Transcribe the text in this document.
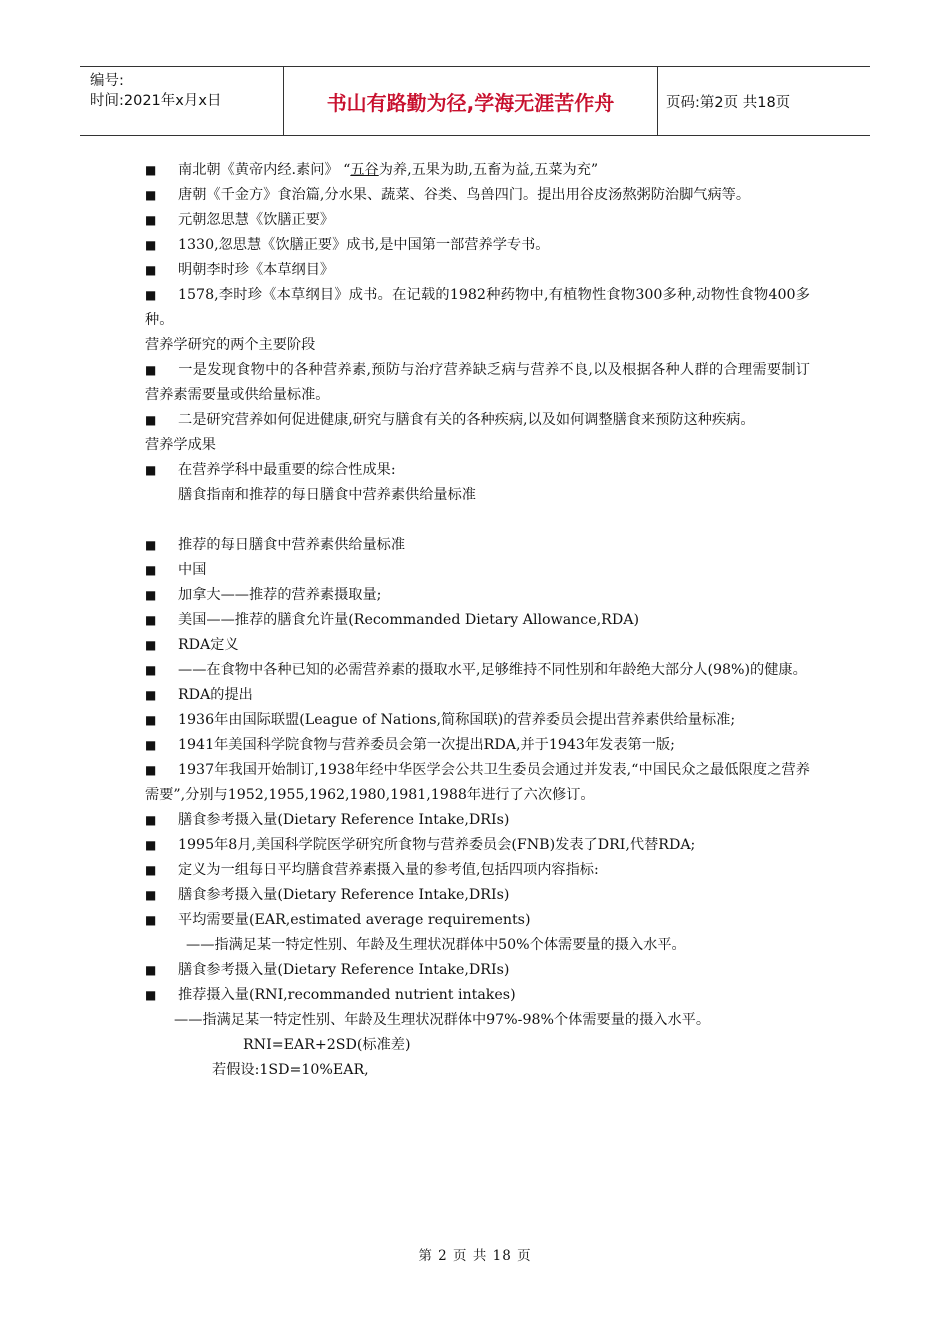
编号:
时间:2021年x月x日	书山有路勤为径,学海无涯苦作舟	页码:第2页 共18页
■ 南北朝《黄帝内经.素问》 “五谷为养,五果为助,五畜为益,五菜为充”
■ 唐朝《千金方》食治篇,分水果、蔬菜、谷类、鸟兽四门。提出用谷皮汤熬粥防治脚气病等。
■ 元朝忽思慧《饮膳正要》
■ 1330,忽思慧《饮膳正要》成书,是中国第一部营养学专书。
■ 明朝李时珍《本草纲目》
■ 1578,李时珍《本草纲目》成书。在记载的1982种药物中,有植物性食物300多种,动物性食物400多种。
营养学研究的两个主要阶段
■ 一是发现食物中的各种营养素,预防与治疗营养缺乏病与营养不良,以及根据各种人群的合理需要制订营养素需要量或供给量标准。
■ 二是研究营养如何促进健康,研究与膳食有关的各种疾病,以及如何调整膳食来预防这种疾病。
营养学成果
■ 在营养学科中最重要的综合性成果:
膳食指南和推荐的每日膳食中营养素供给量标准
■ 推荐的每日膳食中营养素供给量标准
■ 中国
■ 加拿大——推荐的营养素摄取量;
■ 美国——推荐的膳食允许量(Recommanded Dietary Allowance,RDA)
■ RDA定义
■ ——在食物中各种已知的必需营养素的摄取水平,足够维持不同性别和年龄绝大部分人(98%)的健康。
■ RDA的提出
■ 1936年由国际联盟(League of Nations,简称国联)的营养委员会提出营养素供给量标准;
■ 1941年美国科学院食物与营养委员会第一次提出RDA,并于1943年发表第一版;
■ 1937年我国开始制订,1938年经中华医学会公共卫生委员会通过并发表,“中国民众之最低限度之营养需要”,分别与1952,1955,1962,1980,1981,1988年进行了六次修订。
■ 膳食参考摄入量(Dietary Reference Intake,DRIs)
■ 1995年8月,美国科学院医学研究所食物与营养委员会(FNB)发表了DRI,代替RDA;
■ 定义为一组每日平均膳食营养素摄入量的参考值,包括四项内容指标:
■ 膳食参考摄入量(Dietary Reference Intake,DRIs)
■ 平均需要量(EAR,estimated average requirements)
——指满足某一特定性别、年龄及生理状况群体中50%个体需要量的摄入水平。
■ 膳食参考摄入量(Dietary Reference Intake,DRIs)
■ 推荐摄入量(RNI,recommanded nutrient intakes)
——指满足某一特定性别、年龄及生理状况群体中97%-98%个体需要量的摄入水平。
RNI=EAR+2SD(标准差)
若假设:1SD=10%EAR,
第 2 页 共 18 页
